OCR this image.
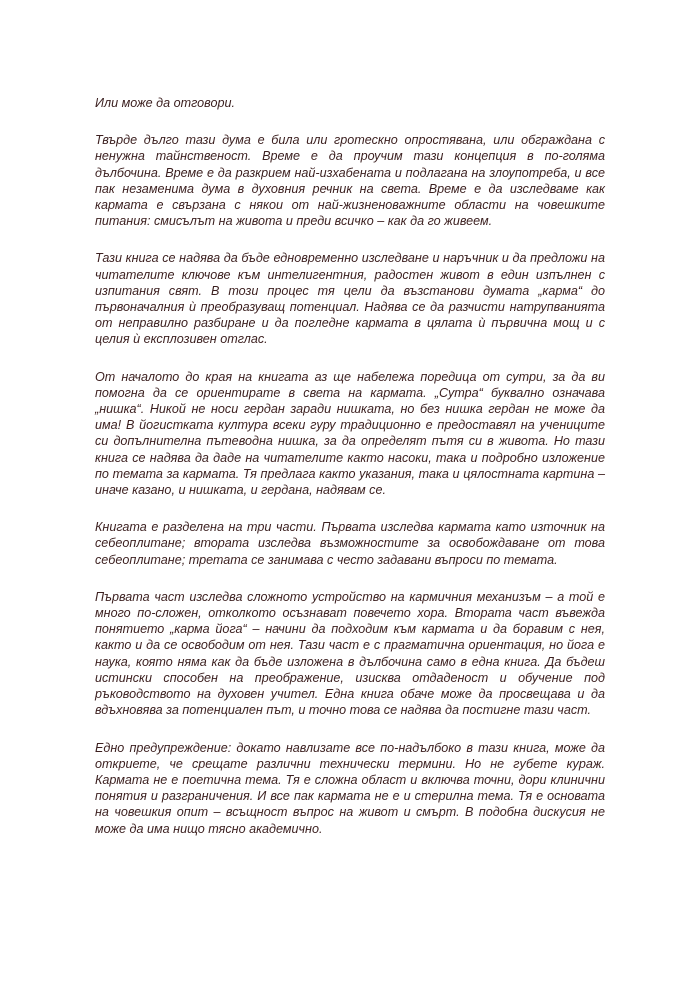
Или може да отговори.

Твърде дълго тази дума е била или гротескно опростявана, или обграждана с ненужна тайнственост. Време е да проучим тази концепция в по-голяма дълбочина. Време е да разкрием най-изхабената и подлагана на злоупотреба, и все пак незаменима дума в духовния речник на света. Време е да изследваме как кармата е свързана с някои от най-жизненоважните области на човешките питания: смисълът на живота и преди всичко – как да го живеем.

Тази книга се надява да бъде едновременно изследване и наръчник и да предложи на читателите ключове към интелигентния, радостен живот в един изпълнен с изпитания свят. В този процес тя цели да възстанови думата „карма“ до първоначалния ѝ преобразуващ потенциал. Надява се да разчисти натрупванията от неправилно разбиране и да погледне кармата в цялата ѝ първична мощ и с целия ѝ експлозивен отглас.

От началото до края на книгата аз ще набележа поредица от сутри, за да ви помогна да се ориентирате в света на кармата. „Сутра“ буквално означава „нишка“. Никой не носи гердан заради нишката, но без нишка гердан не може да има! В йогистката култура всеки гуру традиционно е предоставял на учениците си допълнителна пътеводна нишка, за да определят пътя си в живота. Но тази книга се надява да даде на читателите както насоки, така и подробно изложение по темата за кармата. Тя предлага както указания, така и цялостната картина – иначе казано, и нишката, и гердана, надявам се.

Книгата е разделена на три части. Първата изследва кармата като източник на себеоплитане; втората изследва възможностите за освобождаване от това себеоплитане; третата се занимава с често задавани въпроси по темата.

Първата част изследва сложното устройство на кармичния механизъм – а той е много по-сложен, отколкото осъзнават повечето хора. Втората част въвежда понятието „карма йога“ – начини да подходим към кармата и да боравим с нея, както и да се освободим от нея. Тази част е с прагматична ориентация, но йога е наука, която няма как да бъде изложена в дълбочина само в една книга. Да бъдеш истински способен на преображение, изисква отдаденост и обучение под ръководството на духовен учител. Една книга обаче може да просвещава и да вдъхновява за потенциален път, и точно това се надява да постигне тази част.

Едно предупреждение: докато навлизате все по-надълбоко в тази книга, може да откриете, че срещате различни технически термини. Но не губете кураж. Кармата не е поетична тема. Тя е сложна област и включва точни, дори клинични понятия и разграничения. И все пак кармата не е и стерилна тема. Тя е основата на човешкия опит – всъщност въпрос на живот и смърт. В подобна дискусия не може да има нищо тясно академично.
